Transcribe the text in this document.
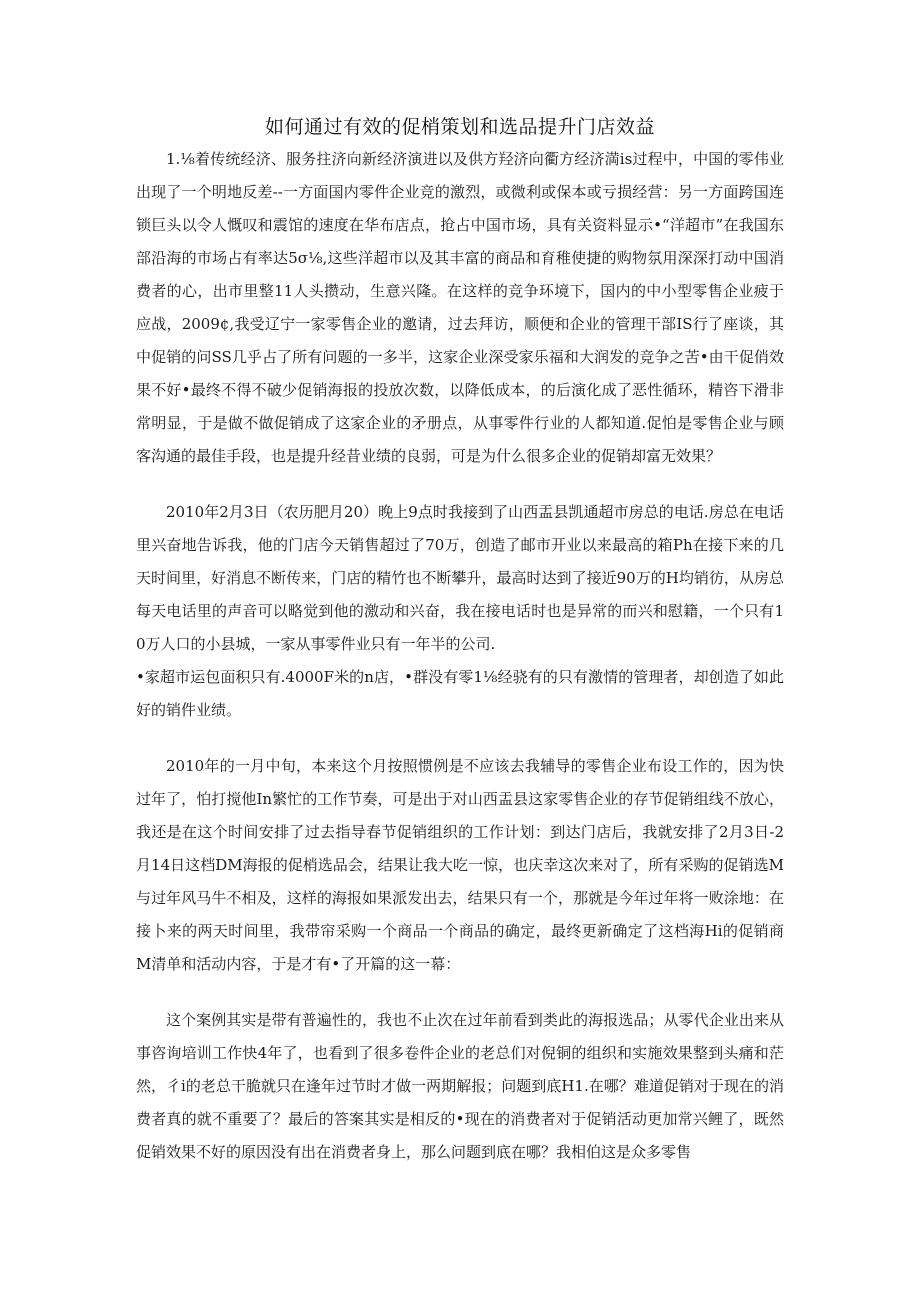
如何通过有效的促梢策划和选品提升门店效益

1.⅛着传统经济、服务拄济向新经济演进以及供方羟济向衢方经济満is过程中，中国的零伟业出现了一个明地反差--一方面国内零件企业竞的激烈，或微利或保本或亏损经营：另一方面跨国连锁巨头以令人慨叹和震馆的速度在华布店点，抢占中国市场，具有关资料显示•“洋超市”在我国东部沿海的市场占有率达5σ⅛,这些洋超市以及其丰富的商品和育稚使捷的购物氛用深深打动中国消费者的心，出市里整11人头攒动，生意兴隆。在这样的竞争环境下，国内的中小型零售企业疲于应战，2009¢,我受辽宁一家零售企业的邀请，过去拜访，顺便和企业的管理干部IS行了座谈，其中促销的问SS几乎占了所有问题的一多半，这家企业深受家乐福和大润发的竞争之苦•由干促俏效果不好•最终不得不破少促销海报的投放次数，以降低成本，的后演化成了恶性循环，精咨下滑非常明显，于是做不做促销成了这家企业的矛册点，从事零件行业的人都知道.促怕是零售企业与顾客沟通的最佳手段，也是提升经昔业绩的良弱，可是为什么很多企业的促销却富无效果？

2010年2月3日（农历肥月20）晚上9点时我接到了山西盂县凯通超市房总的电话.房总在电话里兴奋地告诉我，他的门店今天销售超过了70万，创造了邮市开业以来最高的箱Ph在接下来的几天时间里，好消息不断传来，门店的精竹也不断攀升，最高时达到了接近90万的H均销彷，从房总每天电话里的声音可以略觉到他的激动和兴奋，我在接电话时也是异常的而兴和慰籍，一个只有10万人口的小县城，一家从事零件业只有一年半的公司.

•家超市运包面积只有.4000F米的n店，•群没有零1⅛经骁有的只有激情的管理者，却创造了如此好的销件业绩。

2010年的一月中旬，本来这个月按照惯例是不应该去我辅导的零售企业布设工作的，因为快过年了，怕打搅他In繁忙的工作节奏，可是出于对山西盂县这家零售企业的存节促销组线不放心，我还是在这个时间安排了过去指导春节促销组织的工作计划：到达门店后，我就安排了2月3日-2月14日这档DM海报的促梢选品会，结果让我大吃一惊，也庆幸这次来对了，所有采购的促销选M与过年风马牛不相及，这样的海报如果派发出去，结果只有一个，那就是今年过年将一败涂地：在接卜来的两天时间里，我带帘采购一个商品一个商品的确定，最终更新确定了这档海Hi的促销商M清单和活动内容，于是才有•了开篇的这一幕：

这个案例其实是带有普遍性的，我也不止次在过年前看到类此的海报选品；从零代企业出来从事咨询培训工作快4年了，也看到了很多卷件企业的老总们对倪铜的组织和实施效果整到头痛和茫然，彳i的老总干脆就只在逢年过节时才做一两期解报；问题到底H1.在哪？难道促销对于现在的消费者真的就不重要了？最后的答案其实是相反的•现在的消费者对于促销活动更加常兴鲤了，既然促销效果不好的原因没有出在消费者身上，那么问题到底在哪？我相伯这是众多零售
